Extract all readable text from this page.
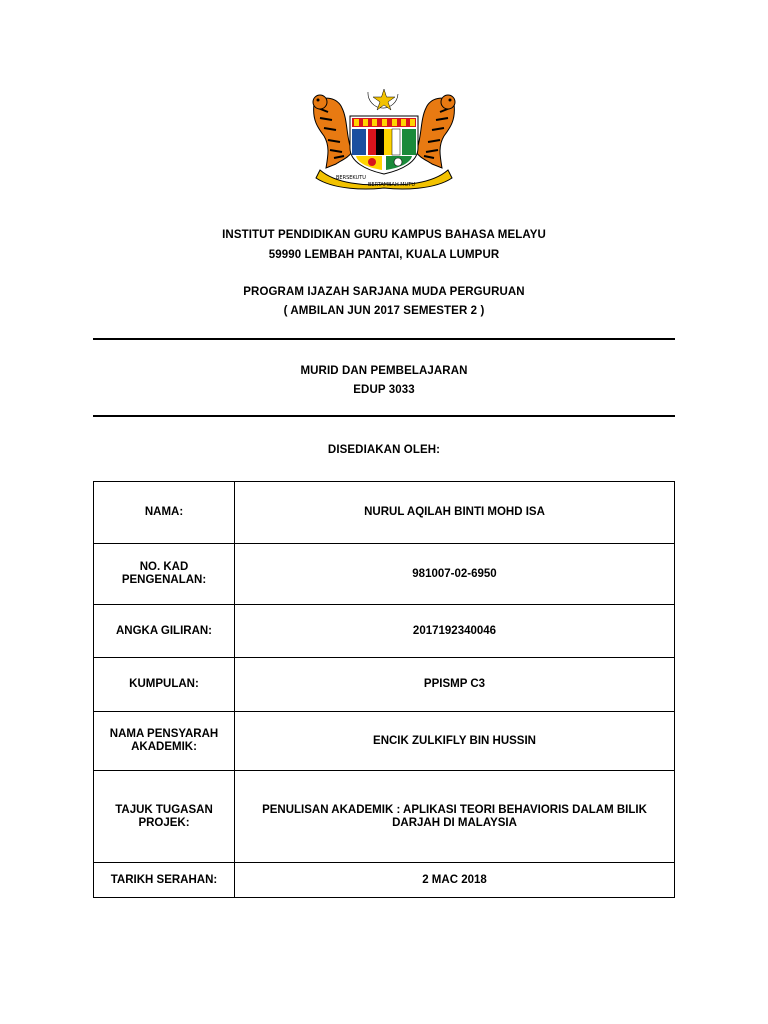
BERSEKUTU
BERTAMBAH MUTU
INSTITUT PENDIDIKAN GURU KAMPUS BAHASA MELAYU
59990 LEMBAH PANTAI, KUALA LUMPUR
PROGRAM IJAZAH SARJANA MUDA PERGURUAN
( AMBILAN JUN 2017 SEMESTER 2 )
MURID DAN PEMBELAJARAN
EDUP 3033
DISEDIAKAN OLEH:
NAMA:	NURUL AQILAH BINTI MOHD ISA
NO. KAD PENGENALAN:	981007-02-6950
ANGKA GILIRAN:	2017192340046
KUMPULAN:	PPISMP C3
NAMA PENSYARAH AKADEMIK:	ENCIK ZULKIFLY BIN HUSSIN
TAJUK TUGASAN PROJEK:	PENULISAN AKADEMIK : APLIKASI TEORI BEHAVIORIS DALAM BILIK DARJAH DI MALAYSIA
TARIKH SERAHAN:	2 MAC 2018
